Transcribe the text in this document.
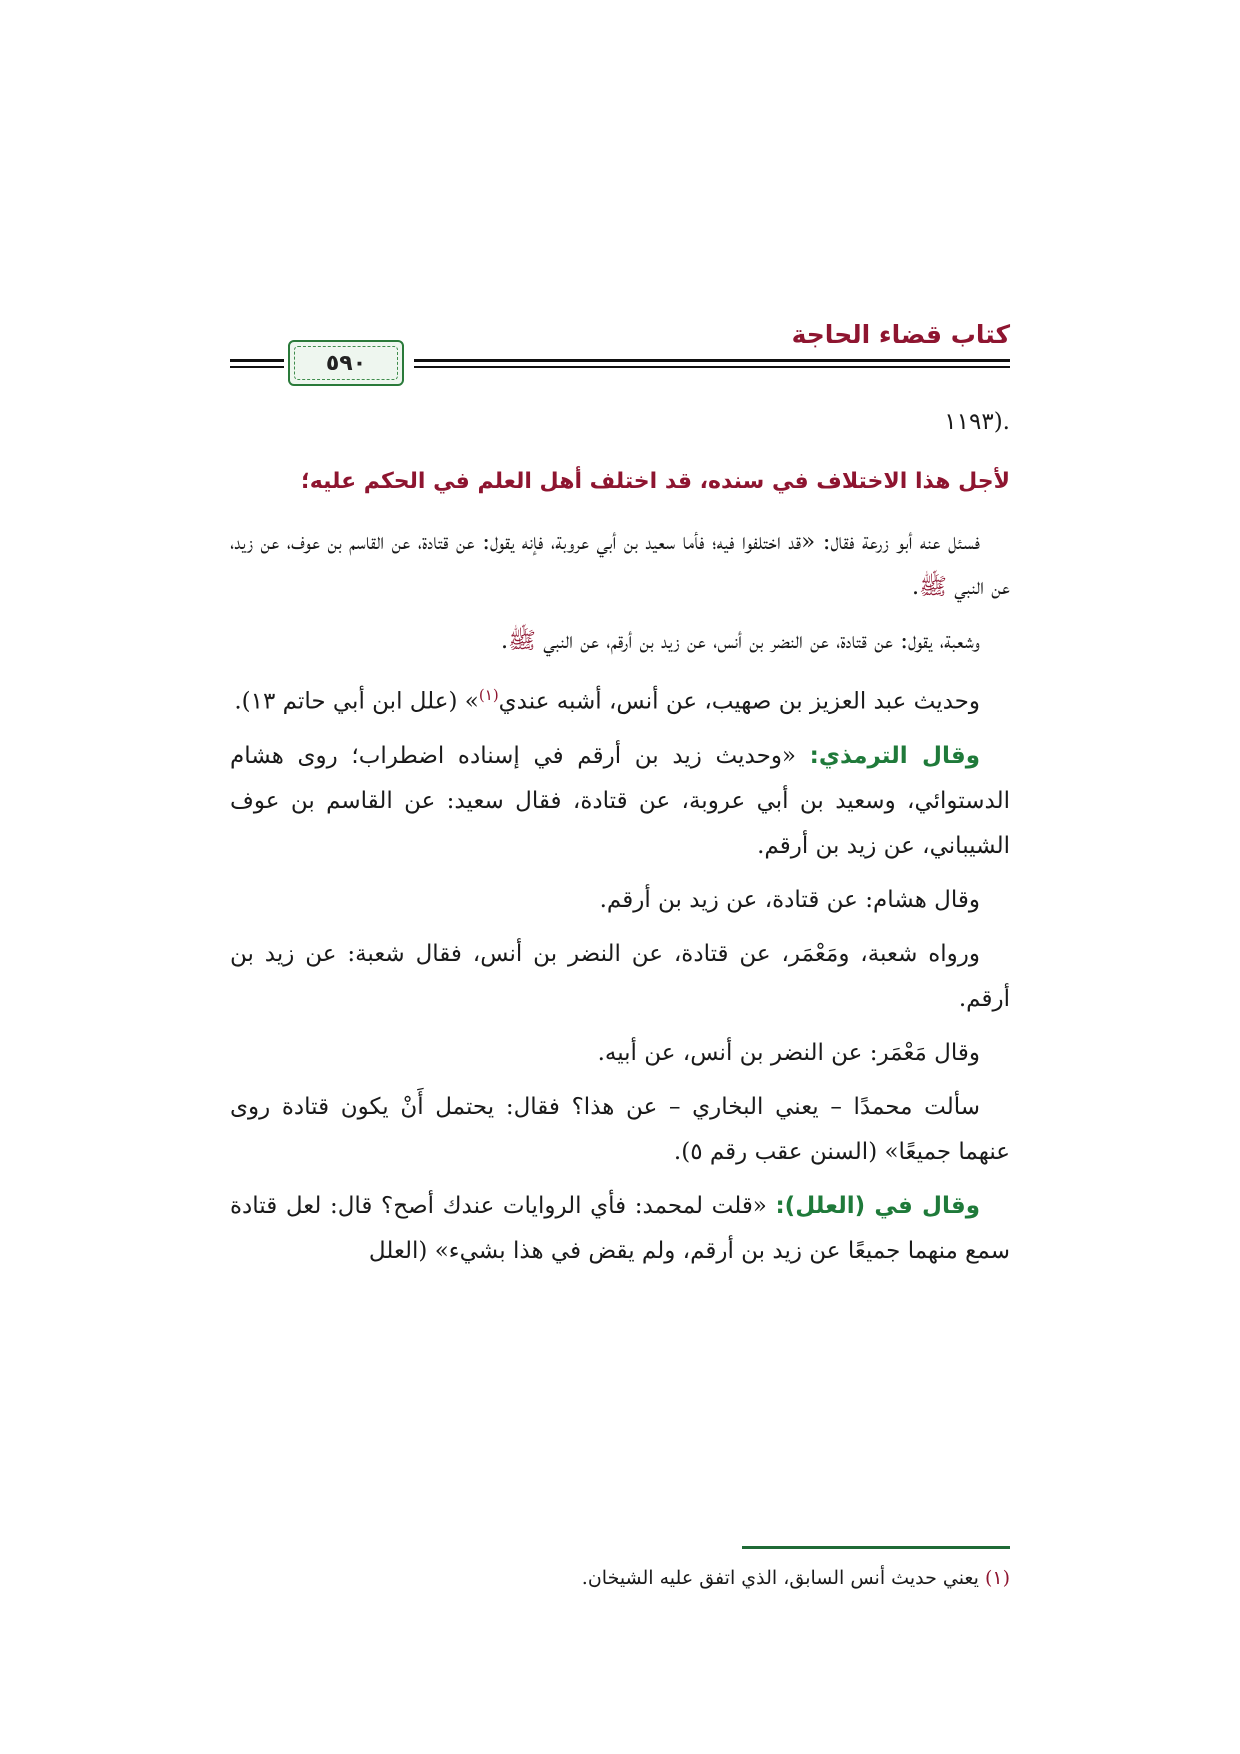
كتاب قضاء الحاجة
٥٩٠

.(١١٩٣

لأجل هذا الاختلاف في سنده، قد اختلف أهل العلم في الحكم عليه؛

فسئل عنه أبو زرعة فقال: «قد اختلفوا فيه؛ فأما سعيد بن أبي عروبة، فإنه يقول: عن قتادة، عن القاسم بن عوف، عن زيد، عن النبي ﷺ.

وشعبة، يقول: عن قتادة، عن النضر بن أنس، عن زيد بن أرقم، عن النبي ﷺ.

وحديث عبد العزيز بن صهيب، عن أنس، أشبه عندي$^{(١)}$» (علل ابن أبي حاتم ١٣).

وقال الترمذي: «وحديث زيد بن أرقم في إسناده اضطراب؛ روى هشام الدستوائي، وسعيد بن أبي عروبة، عن قتادة، فقال سعيد: عن القاسم بن عوف الشيباني، عن زيد بن أرقم.

وقال هشام: عن قتادة، عن زيد بن أرقم.

ورواه شعبة، ومَعْمَر، عن قتادة، عن النضر بن أنس، فقال شعبة: عن زيد بن أرقم.

وقال مَعْمَر: عن النضر بن أنس، عن أبيه.

سألت محمدًا – يعني البخاري – عن هذا؟ فقال: يحتمل أَنْ يكون قتادة روى عنهما جميعًا» (السنن عقب رقم ٥).

وقال في (العلل): «قلت لمحمد: فأي الروايات عندك أصح؟ قال: لعل قتادة سمع منهما جميعًا عن زيد بن أرقم، ولم يقض في هذا بشيء» (العلل

(١) يعني حديث أنس السابق، الذي اتفق عليه الشيخان.
